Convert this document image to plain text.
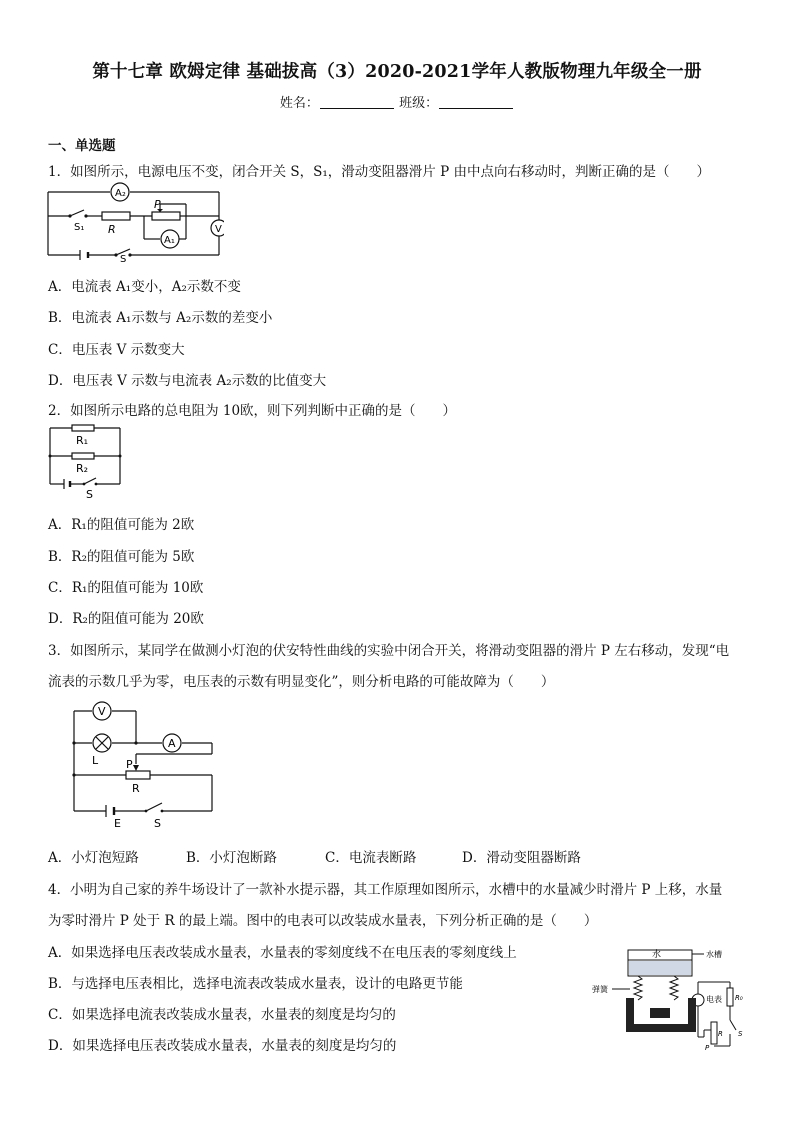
第十七章 欧姆定律 基础拔高（3）2020-2021学年人教版物理九年级全一册
姓名：	班级：
一、单选题
1．如图所示，电源电压不变，闭合开关 S，S₁，滑动变阻器滑片 P 由中点向右移动时，判断正确的是（　　）
A₂
A₁
V
S₁ R
P
S
A．电流表 A₁变小，A₂示数不变
B．电流表 A₁示数与 A₂示数的差变小
C．电压表 V 示数变大
D．电压表 V 示数与电流表 A₂示数的比值变大
2．如图所示电路的总电阻为 10欧，则下列判断中正确的是（　　）
R₁
R₂
S
A．R₁的阻值可能为 2欧
B．R₂的阻值可能为 5欧
C．R₁的阻值可能为 10欧
D．R₂的阻值可能为 20欧
3．如图所示，某同学在做测小灯泡的伏安特性曲线的实验中闭合开关，将滑动变阻器的滑片 P 左右移动，发现“电
流表的示数几乎为零，电压表的示数有明显变化”，则分析电路的可能故障为（　　）
V
A
L	P
R
E	S
A．小灯泡短路	B．小灯泡断路	C．电流表断路	D．滑动变阻器断路
4．小明为自己家的养牛场设计了一款补水提示器，其工作原理如图所示，水槽中的水量减少时滑片 P 上移，水量
为零时滑片 P 处于 R 的最上端。图中的电表可以改装成水量表，下列分析正确的是（　　）
A．如果选择电压表改装成水量表，水量表的零刻度线不在电压表的零刻度线上
B．与选择电压表相比，选择电流表改装成水量表，设计的电路更节能
C．如果选择电流表改装成水量表，水量表的刻度是均匀的
D．如果选择电压表改装成水量表，水量表的刻度是均匀的
水	水槽
弹簧
电表 R₀
R
P
S
